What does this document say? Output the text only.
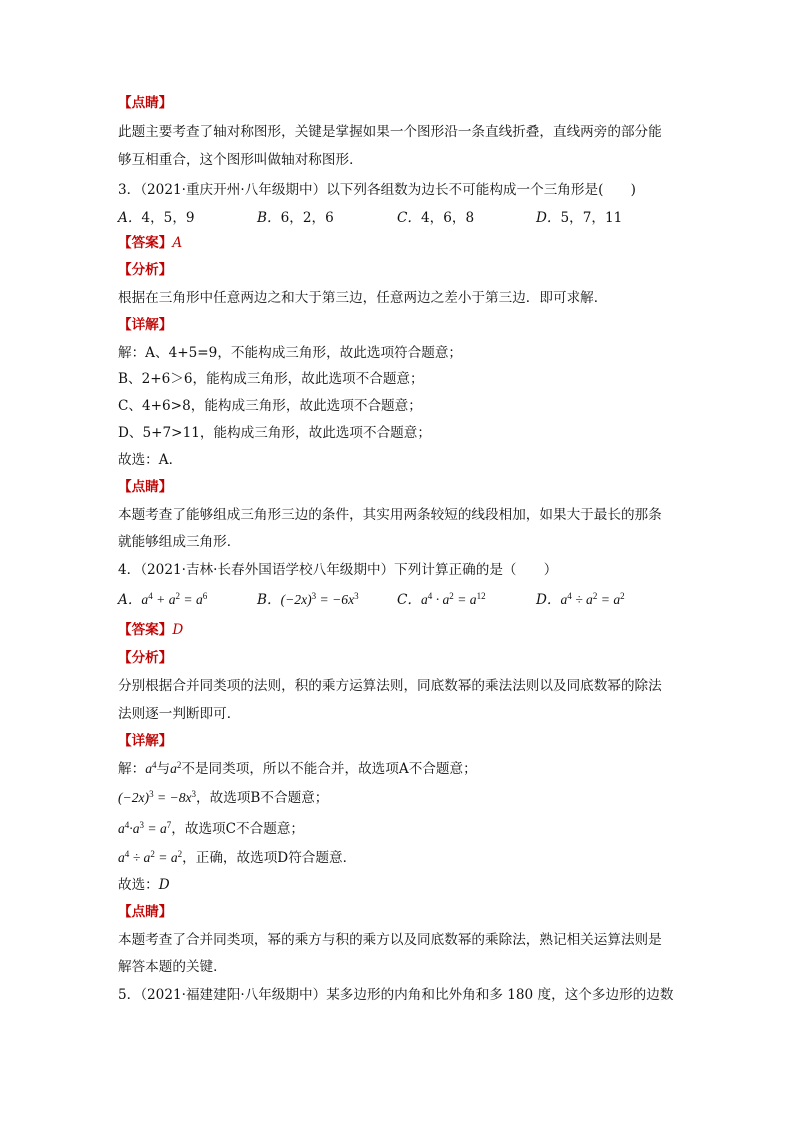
【点睛】
此题主要考查了轴对称图形，关键是掌握如果一个图形沿一条直线折叠，直线两旁的部分能
够互相重合，这个图形叫做轴对称图形．
3．（2021·重庆开州·八年级期中）以下列各组数为边长不可能构成一个三角形是(　　)
A．4，5，9	B．6，2，6	C．4，6，8	D．5，7，11
【答案】A
【分析】
根据在三角形中任意两边之和大于第三边，任意两边之差小于第三边．即可求解．
【详解】
解：A、4+5=9，不能构成三角形，故此选项符合题意；
B、2+6＞6，能构成三角形，故此选项不合题意；
C、4+6>8，能构成三角形，故此选项不合题意；
D、5+7>11，能构成三角形，故此选项不合题意；
故选：A．
【点睛】
本题考查了能够组成三角形三边的条件，其实用两条较短的线段相加，如果大于最长的那条
就能够组成三角形．
4．（2021·吉林·长春外国语学校八年级期中）下列计算正确的是（　　）
A．$a^4 + a^2 = a^6$	B．$(-2x)^3 = -6x^3$	C．$a^4 \cdot a^2 = a^{12}$	D．$a^4 \div a^2 = a^2$
【答案】D
【分析】
分别根据合并同类项的法则，积的乘方运算法则，同底数幂的乘法法则以及同底数幂的除法
法则逐一判断即可．
【详解】
解：$a^4$与$a^2$不是同类项，所以不能合并，故选项A不合题意；
$(-2x)^3 = -8x^3$，故选项B不合题意；
$a^4\cdot a^3 = a^7$，故选项C不合题意；
$a^4 \div a^2 = a^2$，正确，故选项D符合题意．
故选：D
【点睛】
本题考查了合并同类项，幂的乘方与积的乘方以及同底数幂的乘除法，熟记相关运算法则是
解答本题的关键．
5．（2021·福建建阳·八年级期中）某多边形的内角和比外角和多 180 度，这个多边形的边数
